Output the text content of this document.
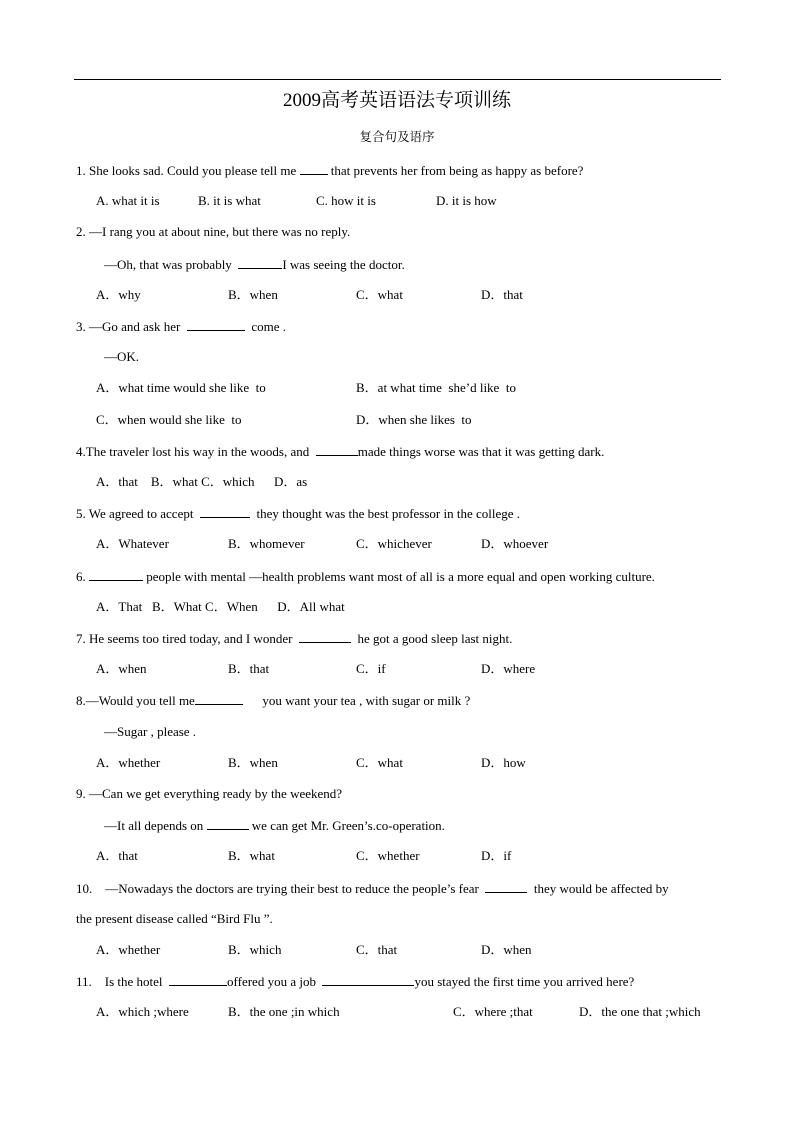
2009高考英语语法专项训练
复合句及语序
1. She looks sad. Could you please tell me  that prevents her from being as happy as before?
A. what it is	B. it is what	C. how it is	D. it is how
2. —I rang you at about nine, but there was no reply.
—Oh, that was probably	I was seeing the doctor.
A．why	B．when	C．what	D．that
3. —Go and ask her	come .
—OK.
A．what time would she like  to	B．at what time  she’d like  to
C．when would she like  to	D．when she likes  to
4.The traveler lost his way in the woods, and	made things worse was that it was getting dark.
A．that    B．what C．which      D．as
5. We agreed to accept	they thought was the best professor in the college .
A．Whatever	B．whomever	C．whichever	D．whoever
6.	people with mental —health problems want most of all is a more equal and open working culture.
A．That   B．What C．When      D．All what
7. He seems too tired today, and I wonder	he got a good sleep last night.
A．when	B．that	C．if	D．where
8.—Would you tell me	you want your tea , with sugar or milk ?
—Sugar , please .
A．whether	B．when	C．what	D．how
9. —Can we get everything ready by the weekend?
—It all depends on	we can get Mr. Green’s.co-operation.
A．that	B．what	C．whether	D．if
10.    —Nowadays the doctors are trying their best to reduce the people’s fear	they would be affected by
the present disease called “Bird Flu ”.
A．whether	B．which	C．that	D．when
11.    Is the hotel	offered you a job	you stayed the first time you arrived here?
A．which ;where	B．the one ;in which	C．where ;that	D．the one that ;which
